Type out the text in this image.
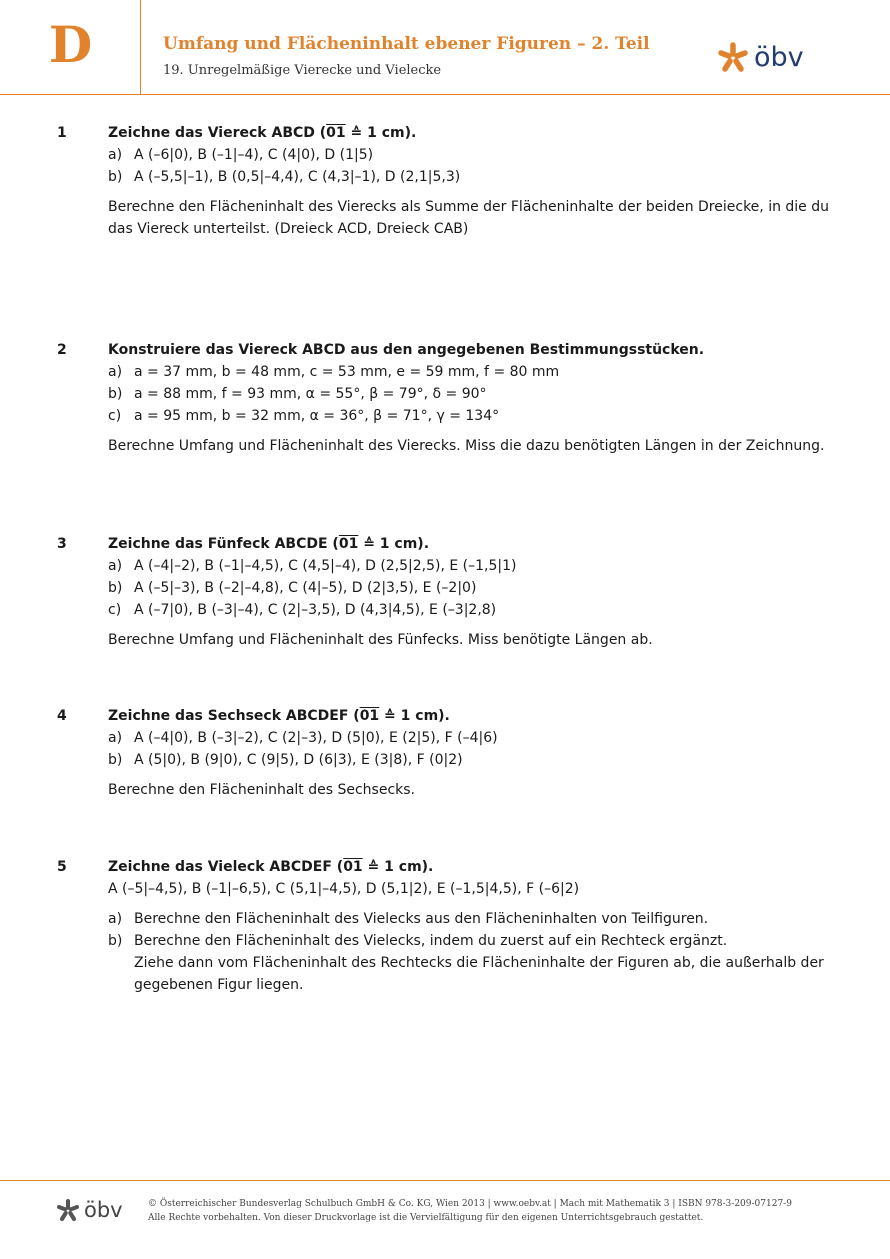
D	Umfang und Flächeninhalt ebener Figuren – 2. Teil
19. Unregelmäßige Vierecke und Vielecke	öbv
1	Zeichne das Viereck ABCD (01 ≙ 1 cm).
a) A (–6|0), B (–1|–4), C (4|0), D (1|5)
b) A (–5,5|–1), B (0,5|–4,4), C (4,3|–1), D (2,1|5,3)
Berechne den Flächeninhalt des Vierecks als Summe der Flächeninhalte der beiden Dreiecke, in die du das Viereck unterteilst. (Dreieck ACD, Dreieck CAB)
2	Konstruiere das Viereck ABCD aus den angegebenen Bestimmungsstücken.
a) a = 37 mm, b = 48 mm, c = 53 mm, e = 59 mm, f = 80 mm
b) a = 88 mm, f = 93 mm, α = 55°, β = 79°, δ = 90°
c) a = 95 mm, b = 32 mm, α = 36°, β = 71°, γ = 134°
Berechne Umfang und Flächeninhalt des Vierecks. Miss die dazu benötigten Längen in der Zeichnung.
3	Zeichne das Fünfeck ABCDE (01 ≙ 1 cm).
a) A (–4|–2), B (–1|–4,5), C (4,5|–4), D (2,5|2,5), E (–1,5|1)
b) A (–5|–3), B (–2|–4,8), C (4|–5), D (2|3,5), E (–2|0)
c) A (–7|0), B (–3|–4), C (2|–3,5), D (4,3|4,5), E (–3|2,8)
Berechne Umfang und Flächeninhalt des Fünfecks. Miss benötigte Längen ab.
4	Zeichne das Sechseck ABCDEF (01 ≙ 1 cm).
a) A (–4|0), B (–3|–2), C (2|–3), D (5|0), E (2|5), F (–4|6)
b) A (5|0), B (9|0), C (9|5), D (6|3), E (3|8), F (0|2)
Berechne den Flächeninhalt des Sechsecks.
5	Zeichne das Vieleck ABCDEF (01 ≙ 1 cm).
A (–5|–4,5), B (–1|–6,5), C (5,1|–4,5), D (5,1|2), E (–1,5|4,5), F (–6|2)
a) Berechne den Flächeninhalt des Vielecks aus den Flächeninhalten von Teilfiguren.
b) Berechne den Flächeninhalt des Vielecks, indem du zuerst auf ein Rechteck ergänzt.
Ziehe dann vom Flächeninhalt des Rechtecks die Flächeninhalte der Figuren ab, die außerhalb der gegebenen Figur liegen.
öbv	© Österreichischer Bundesverlag Schulbuch GmbH & Co. KG, Wien 2013 | www.oebv.at | Mach mit Mathematik 3 | ISBN 978-3-209-07127-9
Alle Rechte vorbehalten. Von dieser Druckvorlage ist die Vervielfältigung für den eigenen Unterrichtsgebrauch gestattet.
